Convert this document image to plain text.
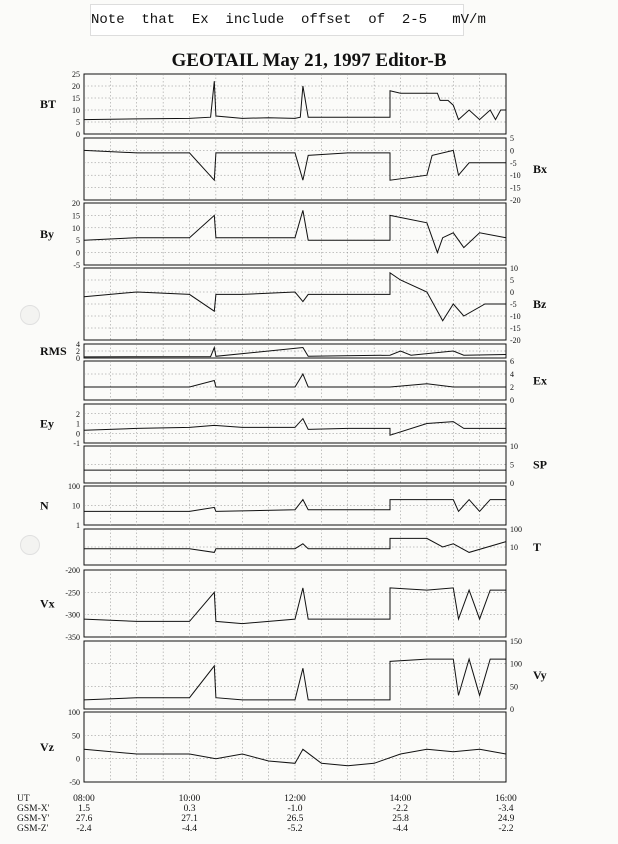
Note  that  Ex  include  offset  of  2-5   mV/m
GEOTAIL May 21, 1997 Editor-B
25
20
15
10
5
0
BT
5
0
-5
-10
-15
-20
Bx
20
15
10
5
0
-5
By
10
5
0
-5
-10
-15
-20
Bz
4
2
0
RMS
6
4
2
0
Ex
2
1
0
-1
Ey
10
5
0
SP
100
10
1
N
100
10 T
-200
-250
-300
-350
Vx
150
100
50
0
Vy
100
50
0
-50
Vz
UT
GSM-X'
GSM-Y'
GSM-Z'
08:00
1.5
27.6
-2.4
10:00
0.3
27.1
-4.4
12:00
-1.0
26.5
-5.2
14:00
-2.2
25.8
-4.4
16:00
-3.4
24.9
-2.2
